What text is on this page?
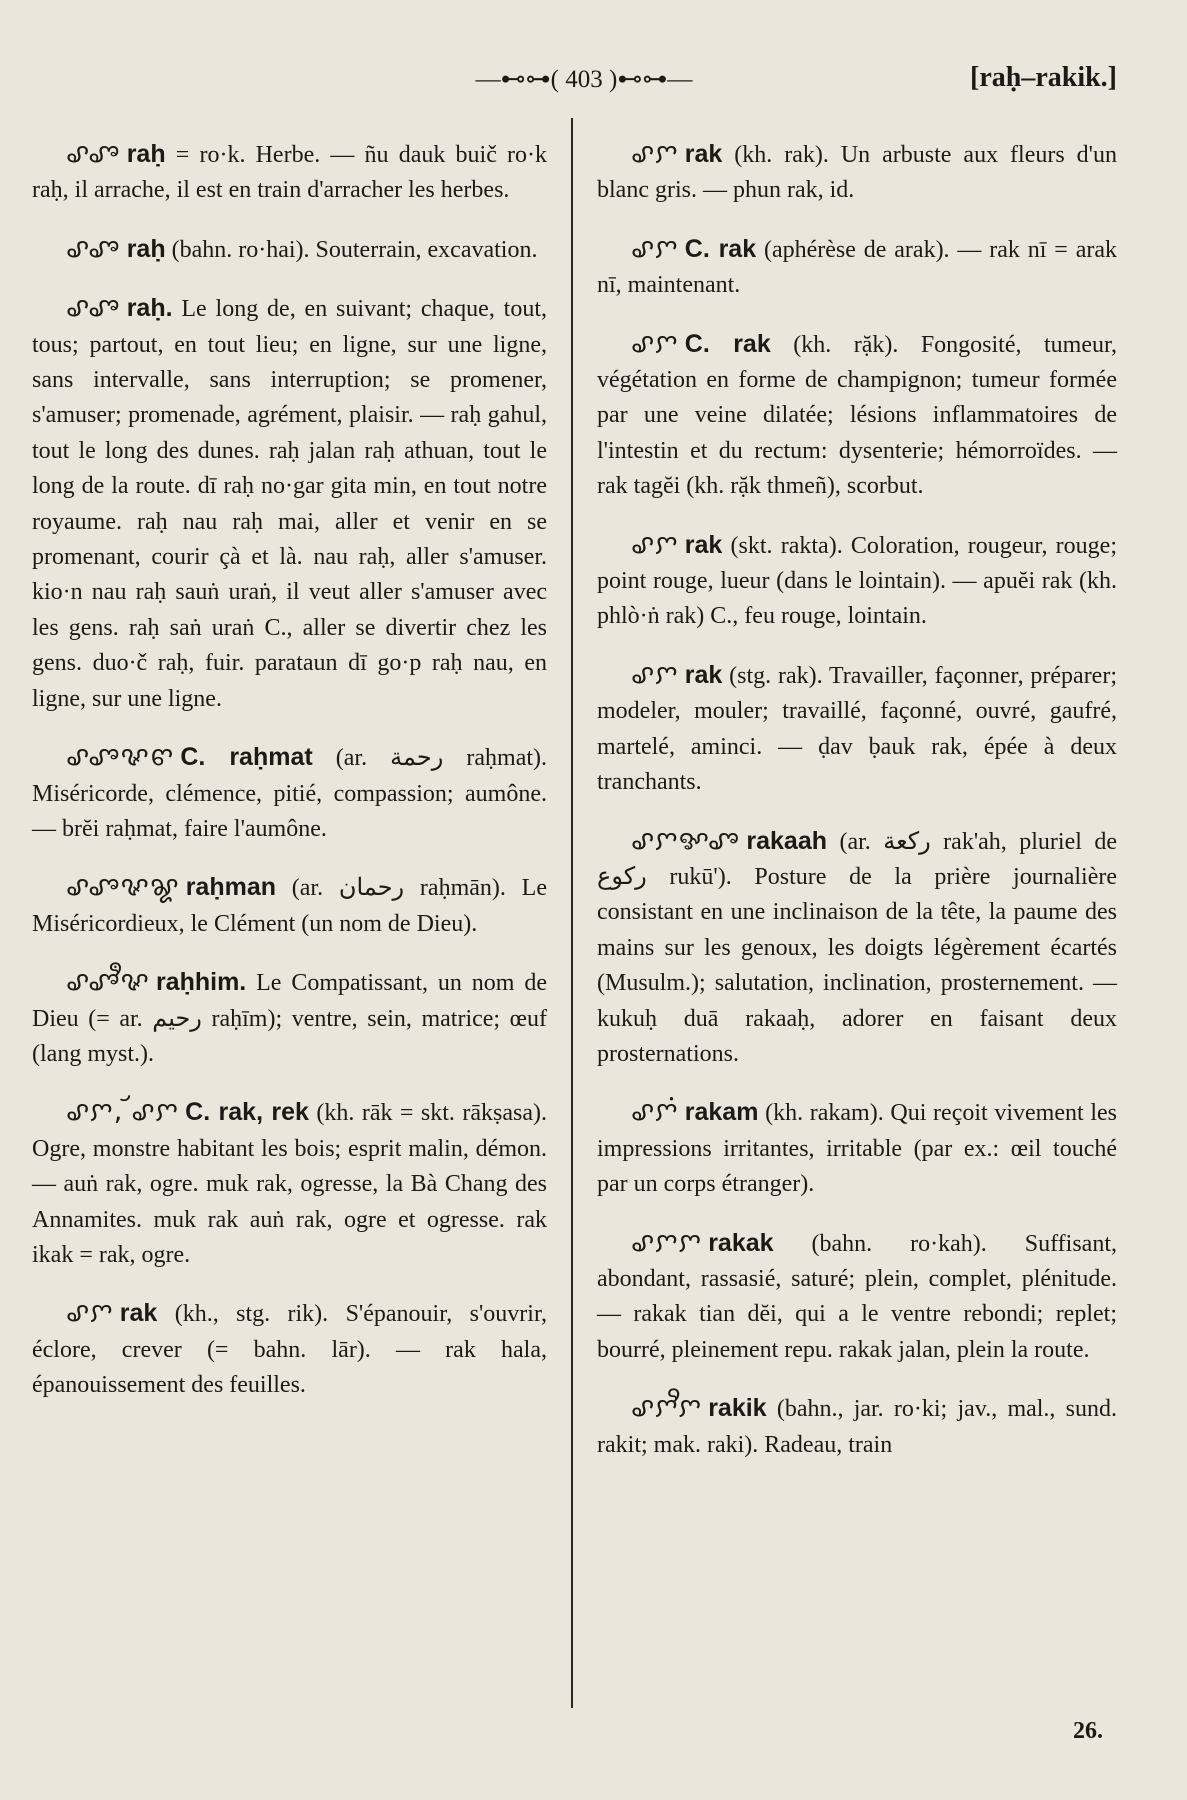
—⊷⊶( 403 )⊷⊶—	[raḥ–rakik.]

ꨣꨨ raḥ = ro·k. Herbe. — ñu dauk buič ro·k raḥ, il arrache, il est en train d'arracher les herbes.

ꨣꨨ raḥ (bahn. ro·hai). Souterrain, excavation.

ꨣꨨ raḥ. Le long de, en suivant; chaque, tout, tous; partout, en tout lieu; en ligne, sur une ligne, sans intervalle, sans interruption; se promener, s'amuser; promenade, agrément, plaisir. — raḥ gahul, tout le long des dunes. raḥ jalan raḥ athuan, tout le long de la route. dī raḥ no·gar gita min, en tout notre royaume. raḥ nau raḥ mai, aller et venir en se promenant, courir çà et là. nau raḥ, aller s'amuser. kio·n nau raḥ sauṅ uraṅ, il veut aller s'amuser avec les gens. raḥ saṅ uraṅ C., aller se divertir chez les gens. duo·č raḥ, fuir. parataun dī go·p raḥ nau, en ligne, sur une ligne.

ꨣꨨꨟꨓ C. raḥmat (ar. رحمة raḥmat). Miséricorde, clémence, pitié, compassion; aumône. — brĕi raḥmat, faire l'aumône.

ꨣꨨꨟꨘ raḥman (ar. رحمان raḥmān). Le Miséricordieux, le Clément (un nom de Dieu).

ꨣꨨꨫꨟ raḥhim. Le Compatissant, un nom de Dieu (= ar. رحيم raḥīm); ventre, sein, matrice; œuf (lang myst.).

ꨣꨆ, ꨮꨣꨆ C. rak, rek (kh. rāk = skt. rākṣasa). Ogre, monstre habitant les bois; esprit malin, démon. — auṅ rak, ogre. muk rak, ogresse, la Bà Chang des Annamites. muk rak auṅ rak, ogre et ogresse. rak ikak = rak, ogre.

ꨣꨆ rak (kh., stg. rik). S'épanouir, s'ouvrir, éclore, crever (= bahn. lār). — rak hala, épanouissement des feuilles.

ꨣꨆ rak (kh. rak). Un arbuste aux fleurs d'un blanc gris. — phun rak, id.

ꨣꨆ C. rak (aphérèse de arak). — rak nī = arak nī, maintenant.

ꨣꨆ C. rak (kh. rặk). Fongosité, tumeur, végétation en forme de champignon; tumeur formée par une veine dilatée; lésions inflammatoires de l'intestin et du rectum: dysenterie; hémorroïdes. — rak tagĕi (kh. rặk thmeñ), scorbut.

ꨣꨆ rak (skt. rakta). Coloration, rougeur, rouge; point rouge, lueur (dans le lointain). — apuĕi rak (kh. phlò·ṅ rak) C., feu rouge, lointain.

ꨣꨆ rak (stg. rak). Travailler, façonner, préparer; modeler, mouler; travaillé, façonné, ouvré, gaufré, martelé, aminci. — ḍav ḅauk rak, épée à deux tranchants.

ꨣꨆꨀꨨ rakaah (ar. ركعة rak'ah, pluriel de ركوع rukū'). Posture de la prière journalière consistant en une inclinaison de la tête, la paume des mains sur les genoux, les doigts légèrement écartés (Musulm.); salutation, inclination, prosternement. — kukuḥ duā rakaaḥ, adorer en faisant deux prosternations.

ꨣꨆꩌ rakam (kh. rakam). Qui reçoit vivement les impressions irritantes, irritable (par ex.: œil touché par un corps étranger).

ꨣꨆꨆ rakak (bahn. ro·kah). Suffisant, abondant, rassasié, saturé; plein, complet, plénitude. — rakak tian dĕi, qui a le ventre rebondi; replet; bourré, pleinement repu. rakak jalan, plein la route.

ꨣꨆꨪꨆ rakik (bahn., jar. ro·ki; jav., mal., sund. rakit; mak. raki). Radeau, train

26.
